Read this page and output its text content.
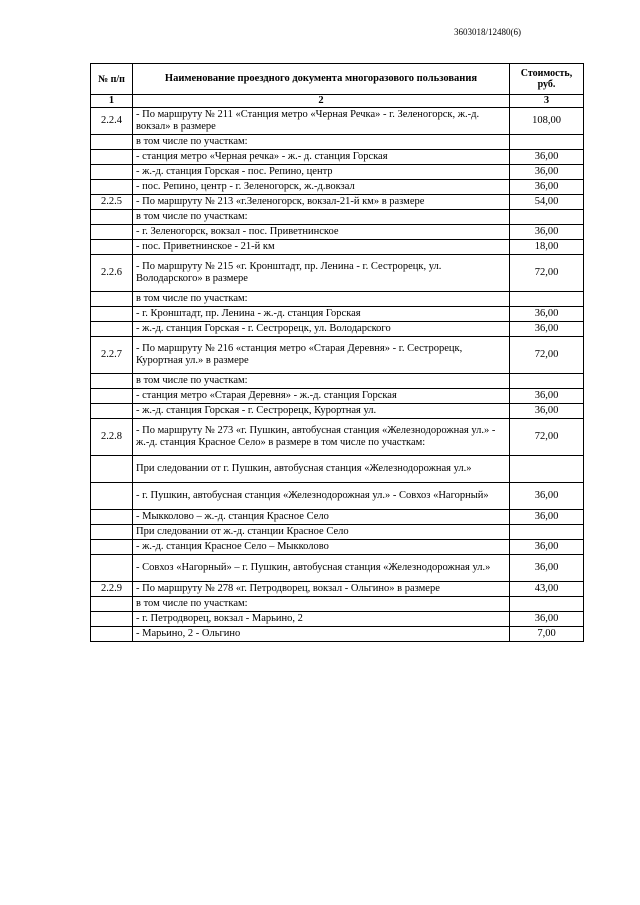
3603018/12480(6)
№ п/п	Наименование проездного документа многоразового пользования	Стоимость, руб.
1	2	3
2.2.4	- По маршруту № 211 «Станция метро «Черная Речка» - г. Зеленогорск, ж.-д. вокзал» в размере	108,00
	в том числе по участкам:	
	- станция метро «Черная речка» - ж.- д. станция Горская	36,00
	- ж.-д. станция Горская - пос. Репино, центр	36,00
	- пос. Репино, центр - г. Зеленогорск, ж.-д.вокзал	36,00
2.2.5	- По маршруту № 213 «г.Зеленогорск, вокзал-21-й км» в размере	54,00
	в том числе по участкам:	
	- г. Зеленогорск, вокзал - пос. Приветнинское	36,00
	- пос. Приветнинское - 21-й км	18,00
2.2.6	- По маршруту № 215 «г. Кронштадт, пр. Ленина - г. Сестрорецк, ул. Володарского» в размере	72,00
	в том числе по участкам:	
	- г. Кронштадт, пр. Ленина - ж.-д. станция Горская	36,00
	- ж.-д. станция Горская - г. Сестрорецк, ул. Володарского	36,00
2.2.7	- По маршруту № 216 «станция метро «Старая Деревня» - г. Сестрорецк, Курортная ул.» в размере	72,00
	в том числе по участкам:	
	- станция метро «Старая Деревня» - ж.-д. станция Горская	36,00
	- ж.-д. станция Горская - г. Сестрорецк, Курортная ул.	36,00
2.2.8	- По маршруту № 273 «г. Пушкин, автобусная станция «Железнодорожная ул.» - ж.-д. станция Красное Село» в размере в том числе по участкам:	72,00
	При следовании от г. Пушкин, автобусная станция «Железнодорожная ул.»	
	- г. Пушкин, автобусная станция «Железнодорожная ул.» - Совхоз «Нагорный»	36,00
	- Мыкколово – ж.-д. станция Красное Село	36,00
	При следовании от ж.-д. станции Красное Село	
	- ж.-д. станция Красное Село – Мыкколово	36,00
	- Совхоз «Нагорный» – г. Пушкин, автобусная станция «Железнодорожная ул.»	36,00
2.2.9	- По маршруту № 278 «г. Петродворец, вокзал - Ольгино» в размере	43,00
	в том числе по участкам:	
	- г. Петродворец, вокзал - Марьино, 2	36,00
	- Марьино, 2 - Ольгино	7,00
